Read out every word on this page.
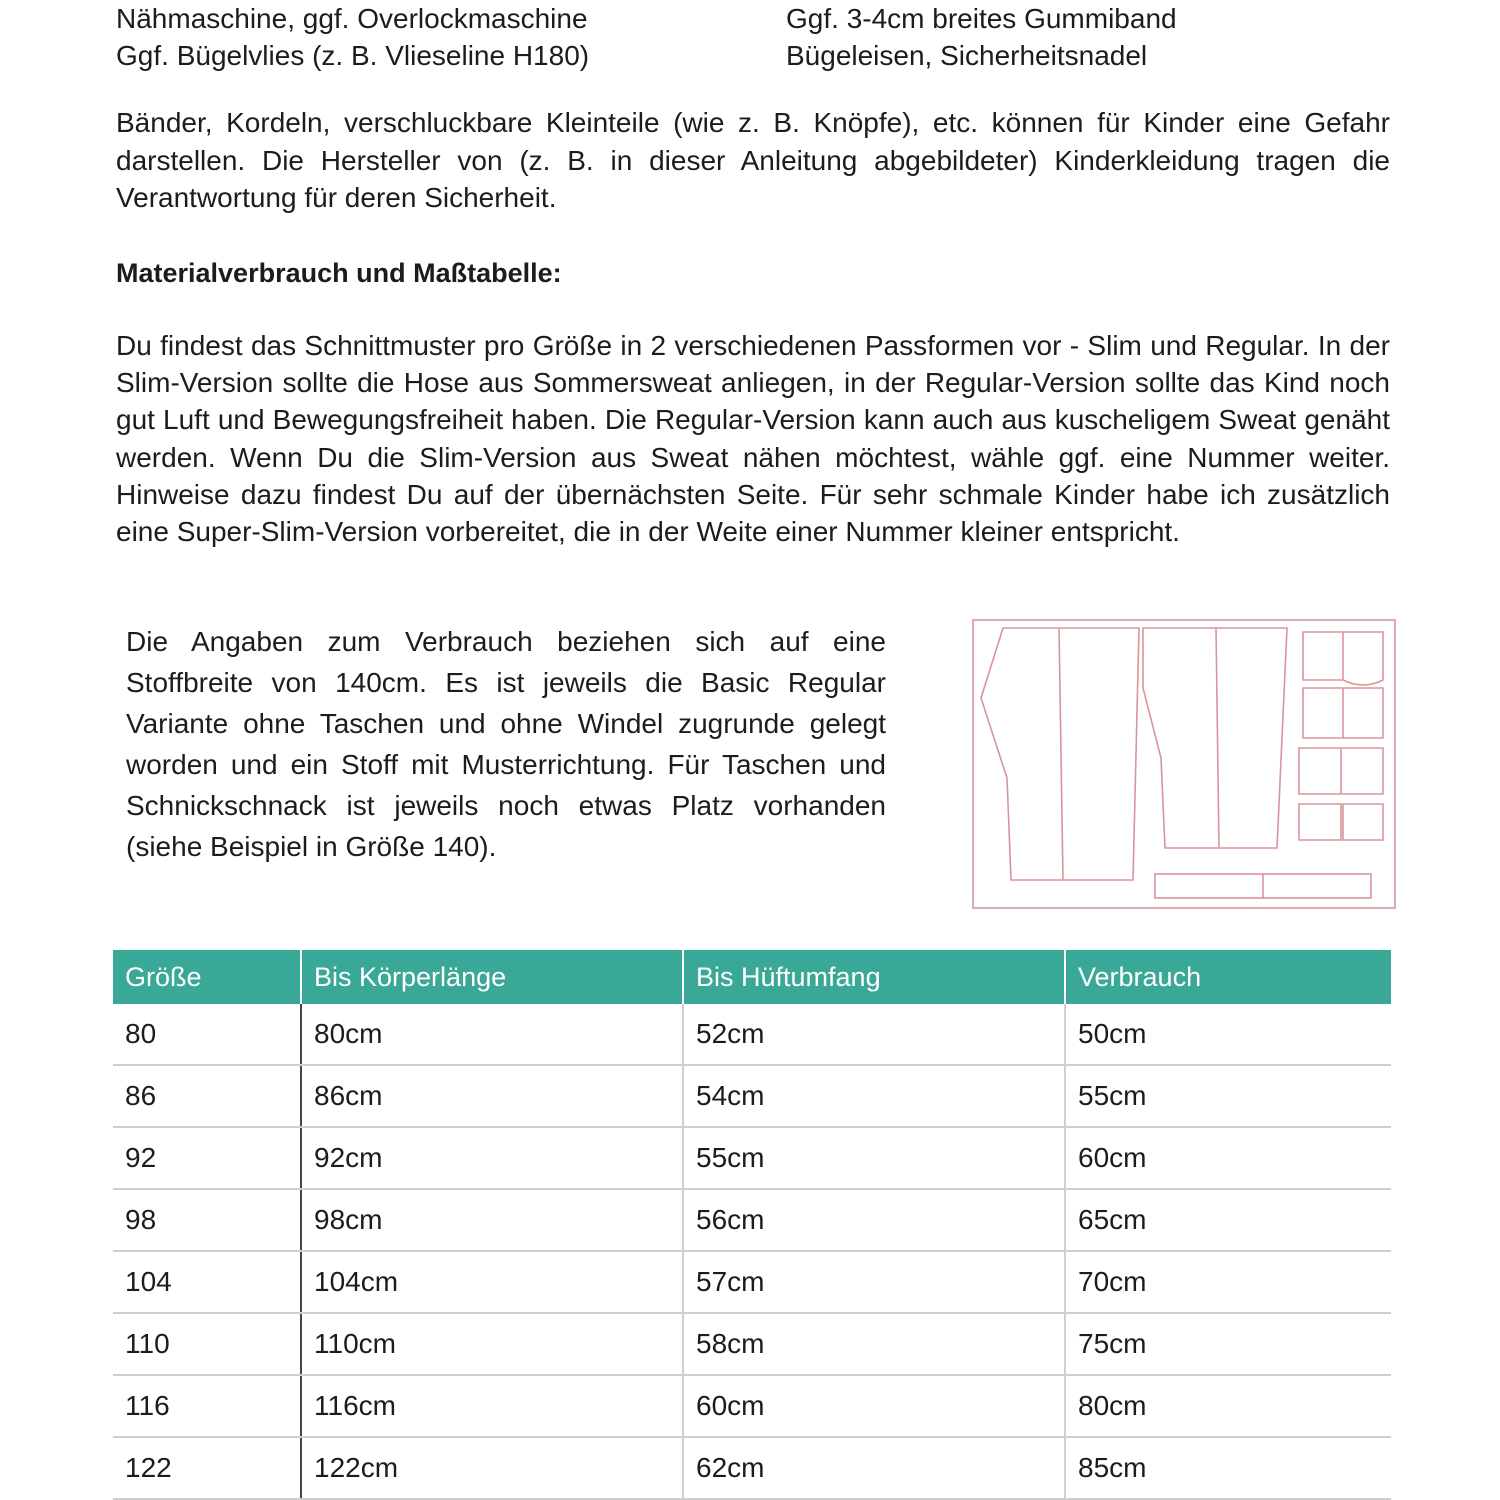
Nähmaschine, ggf. Overlockmaschine	Ggf. 3-4cm breites Gummiband
Ggf. Bügelvlies (z. B. Vlieseline H180)	Bügeleisen, Sicherheitsnadel

Bänder, Kordeln, verschluckbare Kleinteile (wie z. B. Knöpfe), etc. können für Kinder eine Gefahr darstellen. Die Hersteller von (z. B. in dieser Anleitung abgebildeter) Kinderkleidung tragen die Verantwortung für deren Sicherheit.

Materialverbrauch und Maßtabelle:

Du findest das Schnittmuster pro Größe in 2 verschiedenen Passformen vor - Slim und Regular. In der Slim-Version sollte die Hose aus Sommersweat anliegen, in der Regular-Version sollte das Kind noch gut Luft und Bewegungsfreiheit haben. Die Regular-Version kann auch aus kuscheligem Sweat genäht werden. Wenn Du die Slim-Version aus Sweat nähen möchtest, wähle ggf. eine Nummer weiter. Hinweise dazu findest Du auf der übernächsten Seite. Für sehr schmale Kinder habe ich zusätzlich eine Super-Slim-Version vorbereitet, die in der Weite einer Nummer kleiner entspricht.

Die Angaben zum Verbrauch beziehen sich auf eine Stoffbreite von 140cm. Es ist jeweils die Basic Regular Variante ohne Taschen und ohne Windel zugrunde gelegt worden und ein Stoff mit Musterrichtung. Für Taschen und Schnickschnack ist jeweils noch etwas Platz vorhanden (siehe Beispiel in Größe 140).

Größe	Bis Körperlänge	Bis Hüftumfang	Verbrauch
80	80cm	52cm	50cm
86	86cm	54cm	55cm
92	92cm	55cm	60cm
98	98cm	56cm	65cm
104	104cm	57cm	70cm
110	110cm	58cm	75cm
116	116cm	60cm	80cm
122	122cm	62cm	85cm
